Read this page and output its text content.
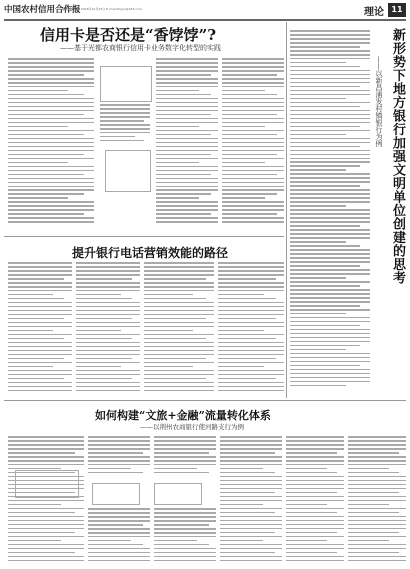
中国农村信用合作报
编辑：曹家鹏 2018年12月25日 E-mail:zhgnx@163.com	理论 11
信用卡是否还是“香饽饽”?
——基于光都农商银行信用卡业务数字化转型的实践
提升银行电话营销效能的路径
如何构建“文旅+金融”流量转化体系
——以荆州农商银行使河路支行为例
新形势下地方银行加强文明单位创建的思考
——以新昌浦发村镇银行为例
